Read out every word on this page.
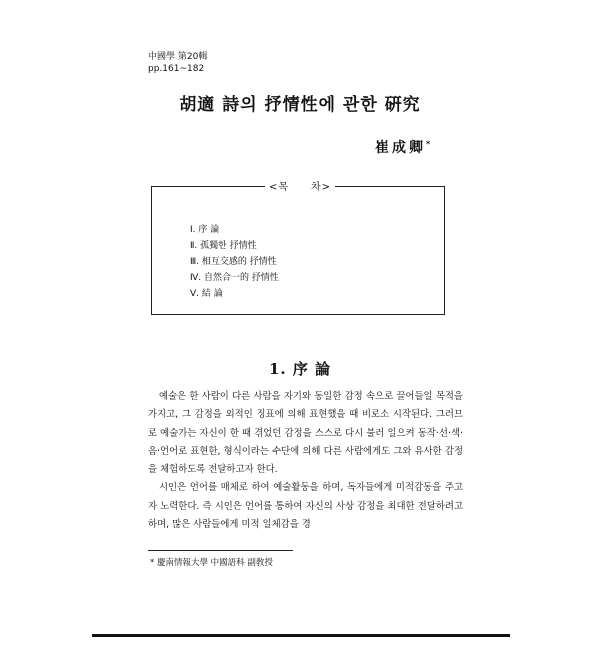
中國學 第20輯
pp.161~182
胡適 詩의 抒情性에 관한 硏究
崔成卿*
<목　　차>
Ⅰ. 序 論
Ⅱ. 孤獨한 抒情性
Ⅲ. 相互交感的 抒情性
Ⅳ. 自然合一的 抒情性
Ⅴ. 結 論
1. 序 論

예술은 한 사람이 다른 사람을 자기와 동일한 감정 속으로 끌어들일 목적을 가지고, 그 감정을 외적인 징표에 의해 표현했을 때 비로소 시작된다. 그러므로 예술가는 자신이 한 때 겪었던 감정을 스스로 다시 불러 일으켜 동작·선·색·음·언어로 표현한, 형식이라는 수단에 의해 다른 사람에게도 그와 유사한 감정을 체험하도록 전달하고자 한다.

시인은 언어를 매체로 하여 예술활동을 하며, 독자들에게 미적감동을 주고자 노력한다. 즉 시인은 언어를 통하여 자신의 사상 감정을 최대한 전달하려고 하며, 많은 사람들에게 미적 일체감을 경

* 慶南情報大學 中國語科 副敎授
